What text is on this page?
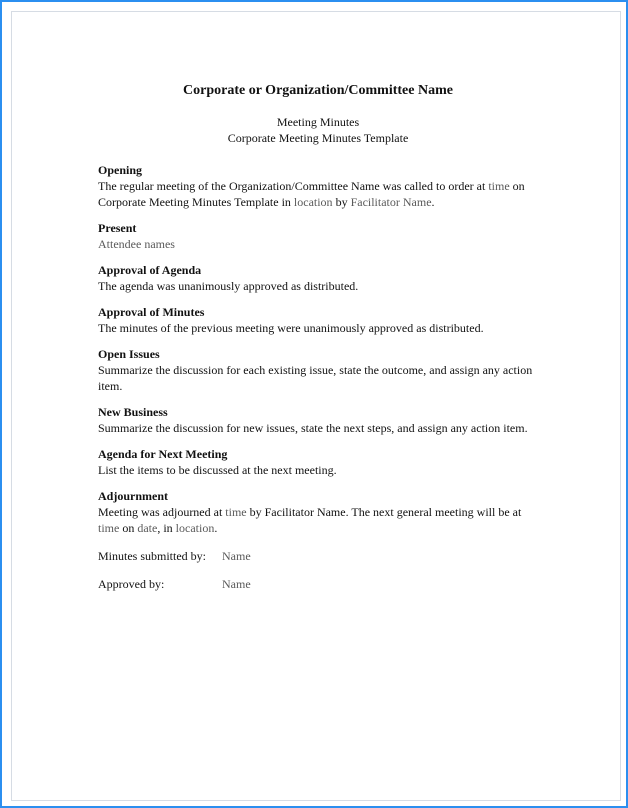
Corporate or Organization/Committee Name
Meeting Minutes
Corporate Meeting Minutes Template
Opening
The regular meeting of the Organization/Committee Name was called to order at time on Corporate Meeting Minutes Template in location by Facilitator Name.
Present
Attendee names
Approval of Agenda
The agenda was unanimously approved as distributed.
Approval of Minutes
The minutes of the previous meeting were unanimously approved as distributed.
Open Issues
Summarize the discussion for each existing issue, state the outcome, and assign any action item.
New Business
Summarize the discussion for new issues, state the next steps, and assign any action item.
Agenda for Next Meeting
List the items to be discussed at the next meeting.
Adjournment
Meeting was adjourned at time by Facilitator Name. The next general meeting will be at time on date, in location.
Minutes submitted by:	Name
Approved by:	Name
